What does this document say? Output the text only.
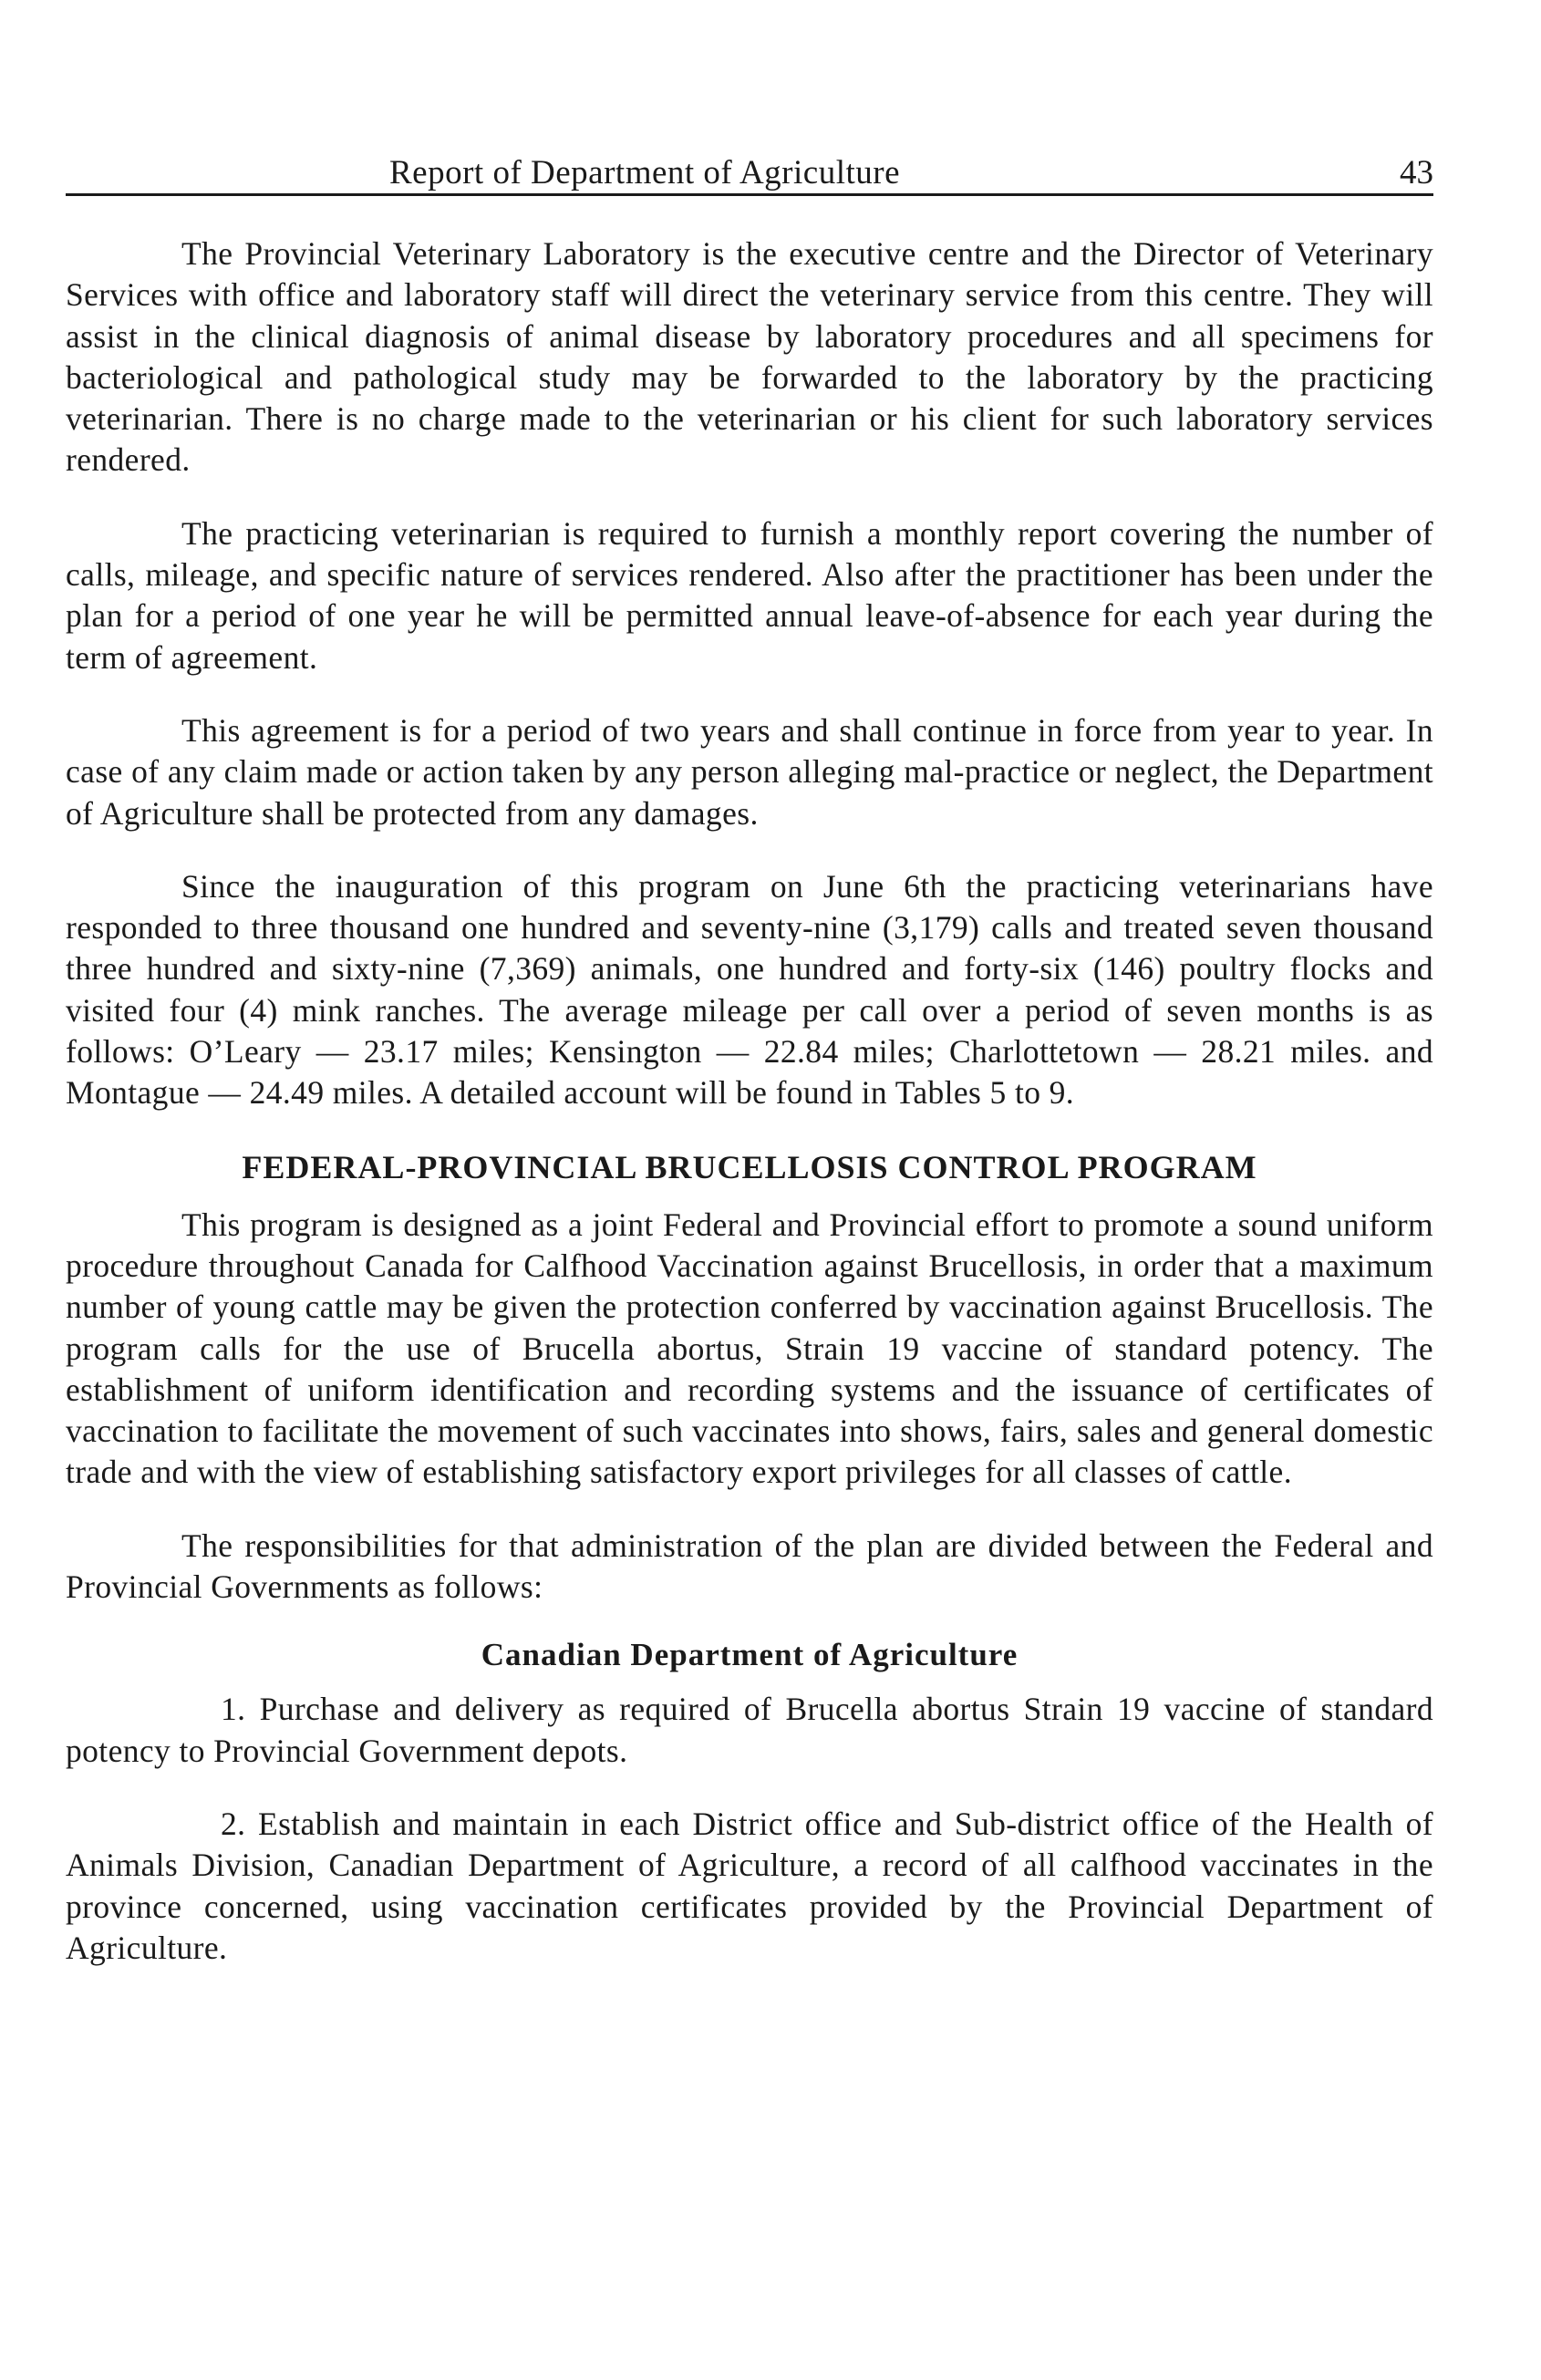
Report of Department of Agriculture	43

The Provincial Veterinary Laboratory is the executive centre and the Director of Veterinary Services with office and laboratory staff will direct the veterinary service from this centre. They will assist in the clinical diagnosis of animal disease by laboratory procedures and all specimens for bacteriological and pathological study may be forwarded to the laboratory by the practicing veterinarian. There is no charge made to the veterinarian or his client for such laboratory services rendered.

The practicing veterinarian is required to furnish a monthly report covering the number of calls, mileage, and specific nature of services rendered. Also after the practitioner has been under the plan for a period of one year he will be permitted annual leave-of-absence for each year during the term of agreement.

This agreement is for a period of two years and shall continue in force from year to year. In case of any claim made or action taken by any person alleging mal-practice or neglect, the Department of Agriculture shall be protected from any damages.

Since the inauguration of this program on June 6th the practicing veterinarians have responded to three thousand one hundred and seventy-nine (3,179) calls and treated seven thousand three hundred and sixty-nine (7,369) animals, one hundred and forty-six (146) poultry flocks and visited four (4) mink ranches. The average mileage per call over a period of seven months is as follows: O’Leary — 23.17 miles; Kensington — 22.84 miles; Charlottetown — 28.21 miles. and Montague — 24.49 miles. A detailed account will be found in Tables 5 to 9.

FEDERAL-PROVINCIAL BRUCELLOSIS CONTROL PROGRAM

This program is designed as a joint Federal and Provincial effort to promote a sound uniform procedure throughout Canada for Calfhood Vaccination against Brucellosis, in order that a maximum number of young cattle may be given the protection conferred by vaccination against Brucellosis. The program calls for the use of Brucella abortus, Strain 19 vaccine of standard potency. The establishment of uniform identification and recording systems and the issuance of certificates of vaccination to facilitate the movement of such vaccinates into shows, fairs, sales and general domestic trade and with the view of establishing satisfactory export privileges for all classes of cattle.

The responsibilities for that administration of the plan are divided between the Federal and Provincial Governments as follows:

Canadian Department of Agriculture

1. Purchase and delivery as required of Brucella abortus Strain 19 vaccine of standard potency to Provincial Government depots.

2. Establish and maintain in each District office and Sub-district office of the Health of Animals Division, Canadian Department of Agriculture, a record of all calfhood vaccinates in the province concerned, using vaccination certificates provided by the Provincial Department of Agriculture.
